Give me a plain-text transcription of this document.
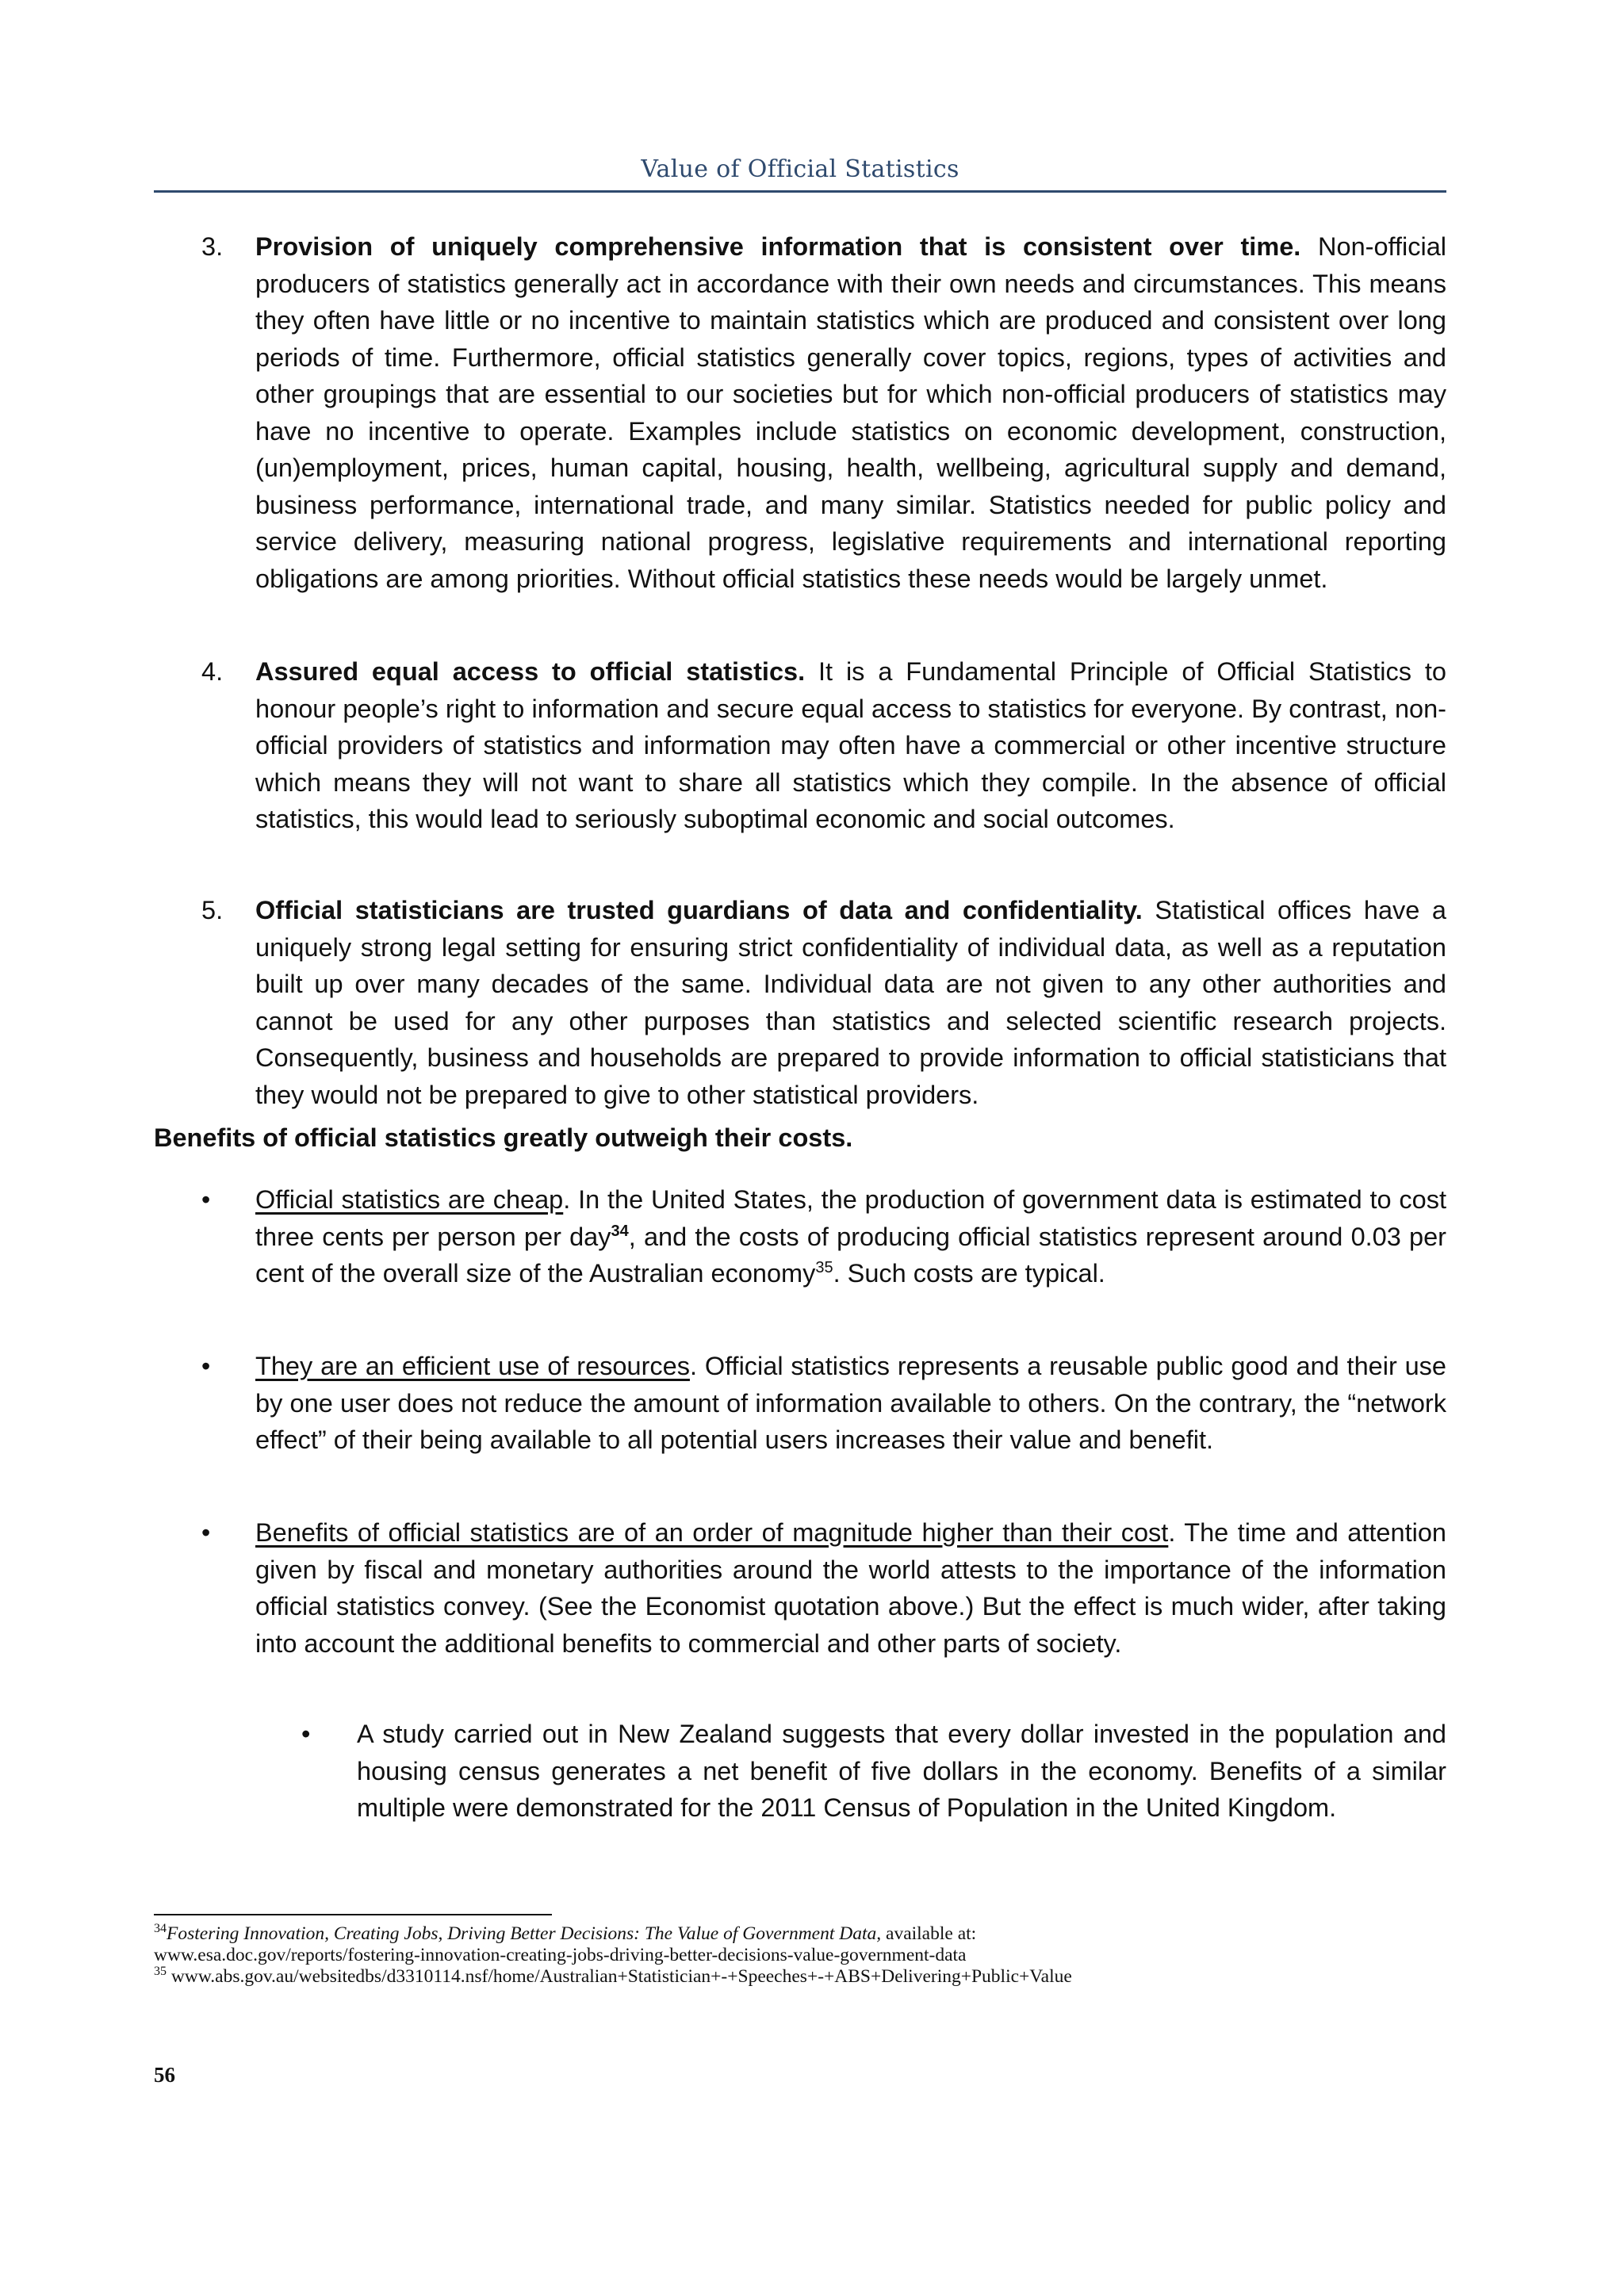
Value of Official Statistics
3.	Provision of uniquely comprehensive information that is consistent over time. Non-official producers of statistics generally act in accordance with their own needs and circumstances. This means they often have little or no incentive to maintain statistics which are produced and consistent over long periods of time. Furthermore, official statistics generally cover topics, regions, types of activities and other groupings that are essential to our societies but for which non-official producers of statistics may have no incentive to operate. Examples include statistics on economic development, construction, (un)employment, prices, human capital, housing, health, wellbeing, agricultural supply and demand, business performance, international trade, and many similar. Statistics needed for public policy and service delivery, measuring national progress, legislative requirements and international reporting obligations are among priorities. Without official statistics these needs would be largely unmet.
4.	Assured equal access to official statistics. It is a Fundamental Principle of Official Statistics to honour people’s right to information and secure equal access to statistics for everyone. By contrast, non-official providers of statistics and information may often have a commercial or other incentive structure which means they will not want to share all statistics which they compile. In the absence of official statistics, this would lead to seriously suboptimal economic and social outcomes.
5.	Official statisticians are trusted guardians of data and confidentiality. Statistical offices have a uniquely strong legal setting for ensuring strict confidentiality of individual data, as well as a reputation built up over many decades of the same. Individual data are not given to any other authorities and cannot be used for any other purposes than statistics and selected scientific research projects. Consequently, business and households are prepared to provide information to official statisticians that they would not be prepared to give to other statistical providers.
Benefits of official statistics greatly outweigh their costs.
• Official statistics are cheap. In the United States, the production of government data is estimated to cost three cents per person per day$^{34}$, and the costs of producing official statistics represent around 0.03 per cent of the overall size of the Australian economy$^{35}$. Such costs are typical.
• They are an efficient use of resources. Official statistics represents a reusable public good and their use by one user does not reduce the amount of information available to others. On the contrary, the “network effect” of their being available to all potential users increases their value and benefit.
• Benefits of official statistics are of an order of magnitude higher than their cost. The time and attention given by fiscal and monetary authorities around the world attests to the importance of the information official statistics convey. (See the Economist quotation above.) But the effect is much wider, after taking into account the additional benefits to commercial and other parts of society.
• A study carried out in New Zealand suggests that every dollar invested in the population and housing census generates a net benefit of five dollars in the economy. Benefits of a similar multiple were demonstrated for the 2011 Census of Population in the United Kingdom.
$^{34}$Fostering Innovation, Creating Jobs, Driving Better Decisions: The Value of Government Data, available at:
www.esa.doc.gov/reports/fostering-innovation-creating-jobs-driving-better-decisions-value-government-data
$^{35}$ www.abs.gov.au/websitedbs/d3310114.nsf/home/Australian+Statistician+-+Speeches+-+ABS+Delivering+Public+Value
56
